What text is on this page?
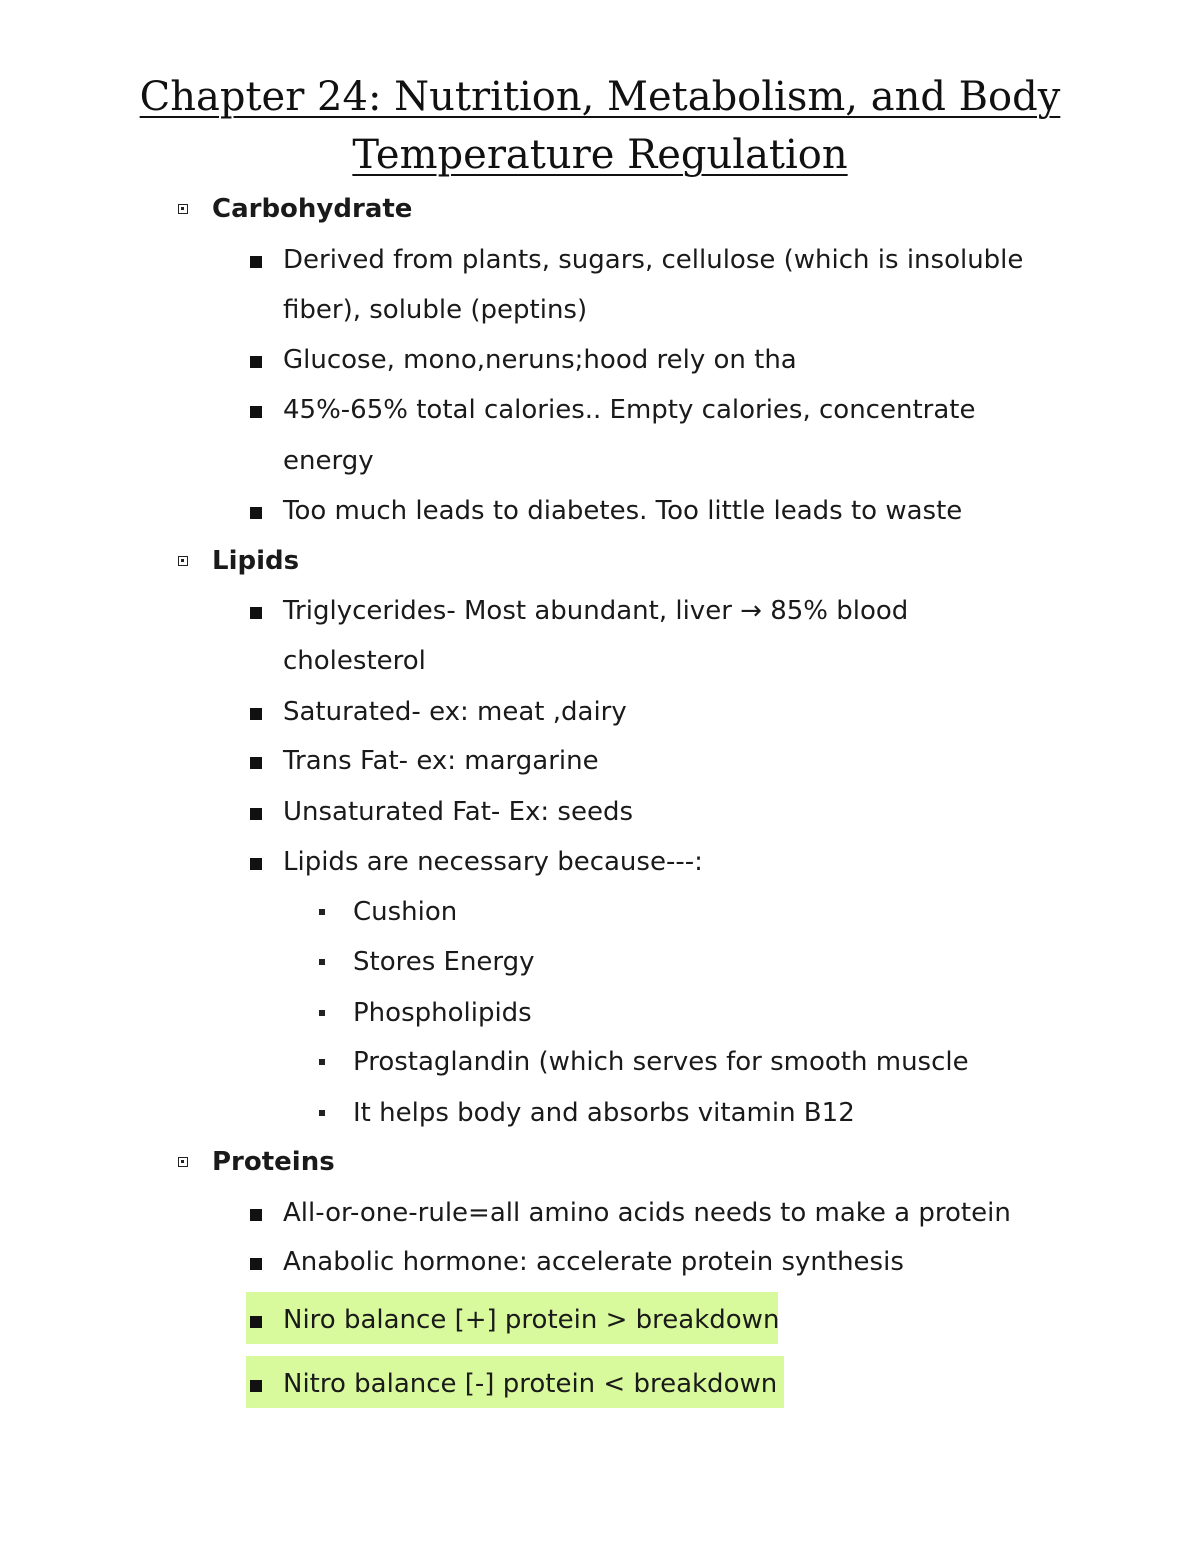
Chapter 24: Nutrition, Metabolism, and Body
Temperature Regulation
Carbohydrate
Derived from plants, sugars, cellulose (which is insoluble
fiber), soluble (peptins)
Glucose, mono,neruns;hood rely on tha
45%-65% total calories.. Empty calories, concentrate
energy
Too much leads to diabetes. Too little leads to waste
Lipids
Triglycerides- Most abundant, liver → 85% blood
cholesterol
Saturated- ex: meat ,dairy
Trans Fat- ex: margarine
Unsaturated Fat- Ex: seeds
Lipids are necessary because---:
Cushion
Stores Energy
Phospholipids
Prostaglandin (which serves for smooth muscle
It helps body and absorbs vitamin B12
Proteins
All-or-one-rule=all amino acids needs to make a protein
Anabolic hormone: accelerate protein synthesis
Niro balance [+] protein > breakdown
Nitro balance [-] protein < breakdown
